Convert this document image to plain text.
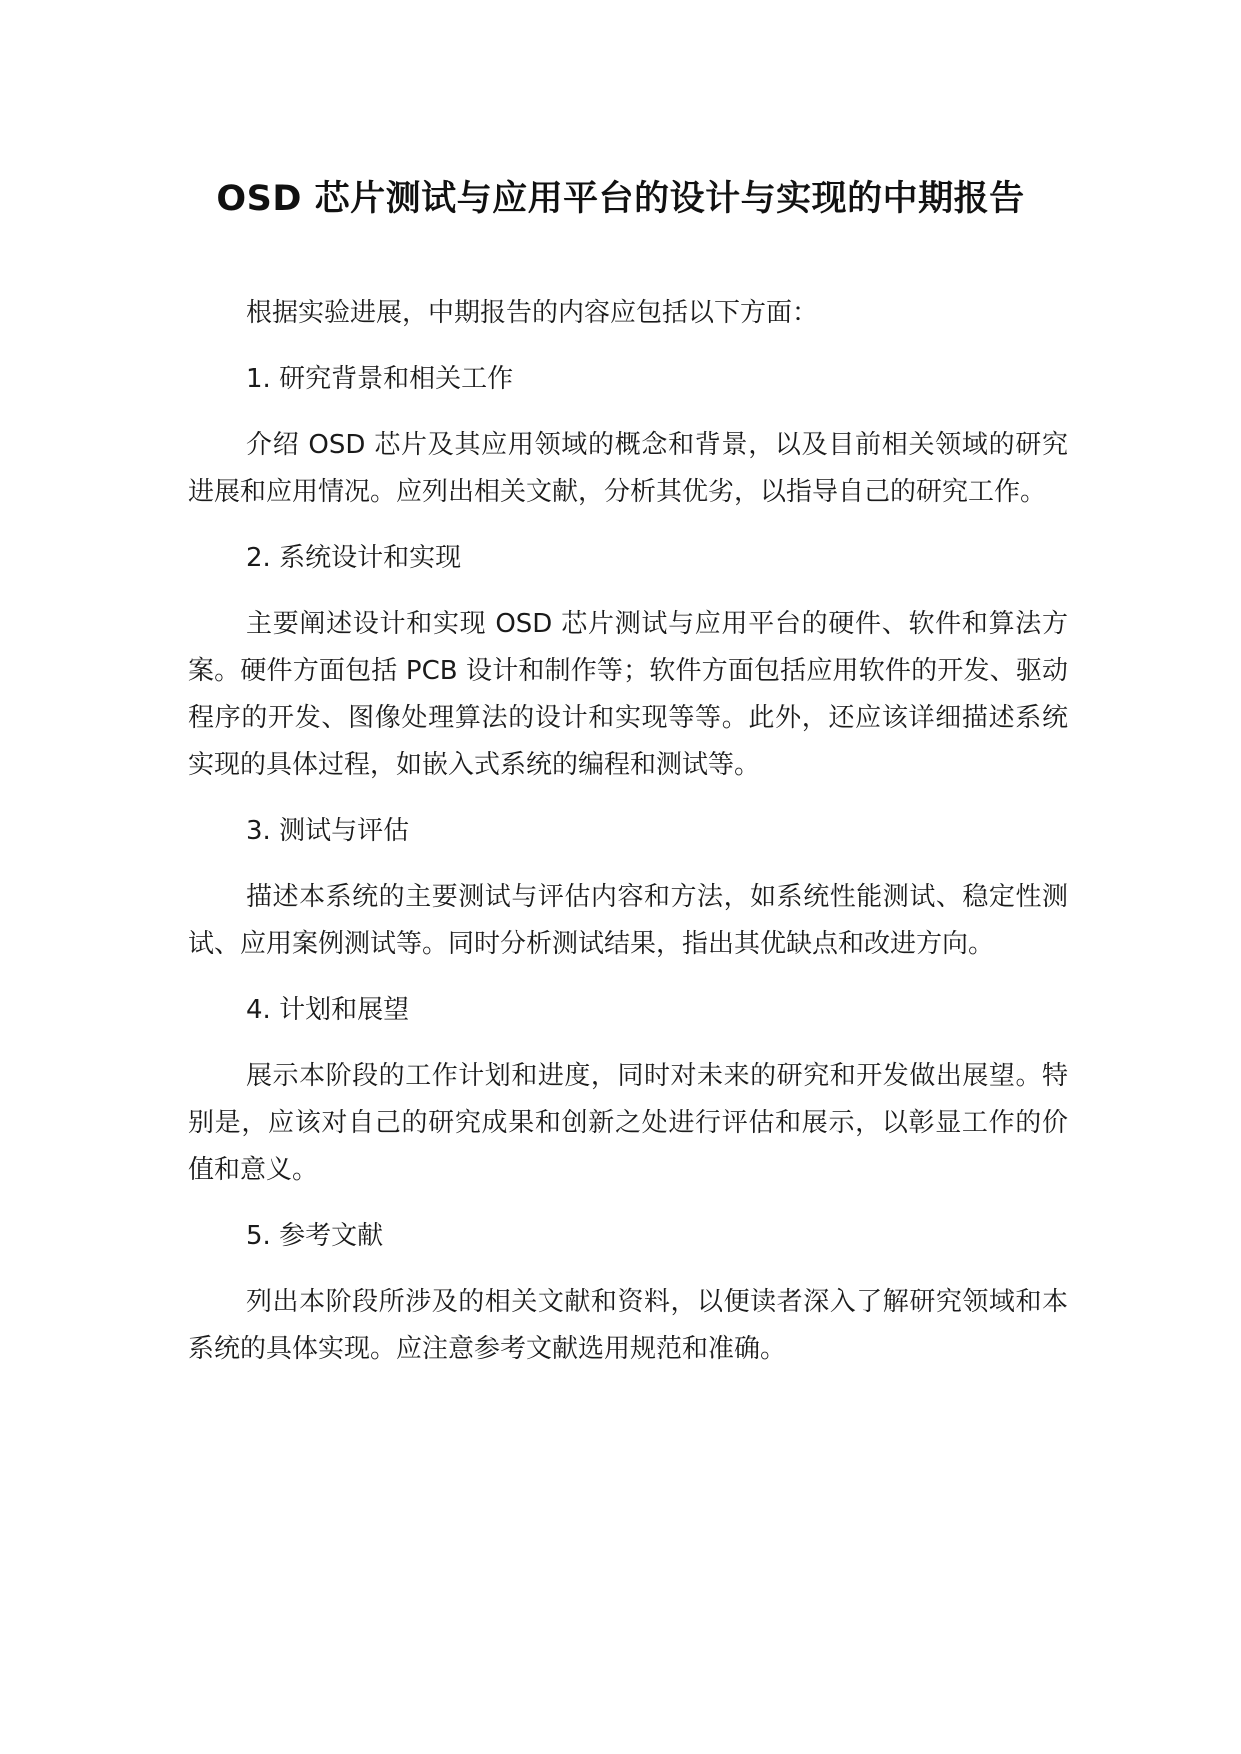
OSD 芯片测试与应用平台的设计与实现的中期报告

根据实验进展，中期报告的内容应包括以下方面：

1. 研究背景和相关工作

介绍 OSD 芯片及其应用领域的概念和背景，以及目前相关领域的研究进展和应用情况。应列出相关文献，分析其优劣，以指导自己的研究工作。

2. 系统设计和实现

主要阐述设计和实现 OSD 芯片测试与应用平台的硬件、软件和算法方案。硬件方面包括 PCB 设计和制作等；软件方面包括应用软件的开发、驱动程序的开发、图像处理算法的设计和实现等等。此外，还应该详细描述系统实现的具体过程，如嵌入式系统的编程和测试等。

3. 测试与评估

描述本系统的主要测试与评估内容和方法，如系统性能测试、稳定性测试、应用案例测试等。同时分析测试结果，指出其优缺点和改进方向。

4. 计划和展望

展示本阶段的工作计划和进度，同时对未来的研究和开发做出展望。特别是，应该对自己的研究成果和创新之处进行评估和展示，以彰显工作的价值和意义。

5. 参考文献

列出本阶段所涉及的相关文献和资料，以便读者深入了解研究领域和本系统的具体实现。应注意参考文献选用规范和准确。
